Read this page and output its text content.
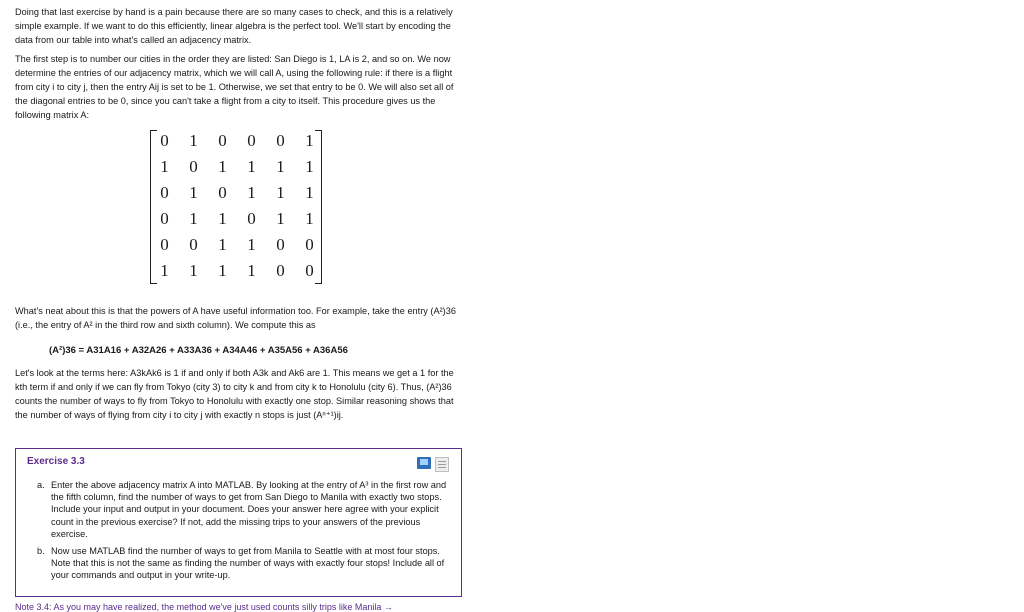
Doing that last exercise by hand is a pain because there are so many cases to check, and this is a relatively simple example. If we want to do this efficiently, linear algebra is the perfect tool. We'll start by encoding the data from our table into what's called an adjacency matrix.

The first step is to number our cities in the order they are listed: San Diego is 1, LA is 2, and so on. We now determine the entries of our adjacency matrix, which we will call A, using the following rule: if there is a flight from city i to city j, then the entry Aij is set to be 1. Otherwise, we set that entry to be 0. We will also set all of the diagonal entries to be 0, since you can't take a flight from a city to itself. This procedure gives us the following matrix A:

0	1	0	0	0	1
1	0	1	1	1	1
0	1	0	1	1	1
0	1	1	0	1	1
0	0	1	1	0	0
1	1	1	1	0	0

What's neat about this is that the powers of A have useful information too. For example, take the entry (A²)36 (i.e., the entry of A² in the third row and sixth column). We compute this as

(A²)36 = A31A16 + A32A26 + A33A36 + A34A46 + A35A56 + A36A56

Let's look at the terms here: A3kAk6 is 1 if and only if both A3k and Ak6 are 1. This means we get a 1 for the kth term if and only if we can fly from Tokyo (city 3) to city k and from city k to Honolulu (city 6). Thus, (A²)36 counts the number of ways to fly from Tokyo to Honolulu with exactly one stop. Similar reasoning shows that the number of ways of flying from city i to city j with exactly n stops is just (Aⁿ⁺¹)ij.

Exercise 3.3
a. Enter the above adjacency matrix A into MATLAB. By looking at the entry of A³ in the first row and the fifth column, find the number of ways to get from San Diego to Manila with exactly two stops. Include your input and output in your document. Does your answer here agree with your explicit count in the previous exercise? If not, add the missing trips to your answers of the previous exercise.
b. Now use MATLAB find the number of ways to get from Manila to Seattle with at most four stops. Note that this is not the same as finding the number of ways with exactly four stops! Include all of your commands and output in your write-up.
Note 3.4: As you may have realized, the method we've just used counts silly trips like Manila →
